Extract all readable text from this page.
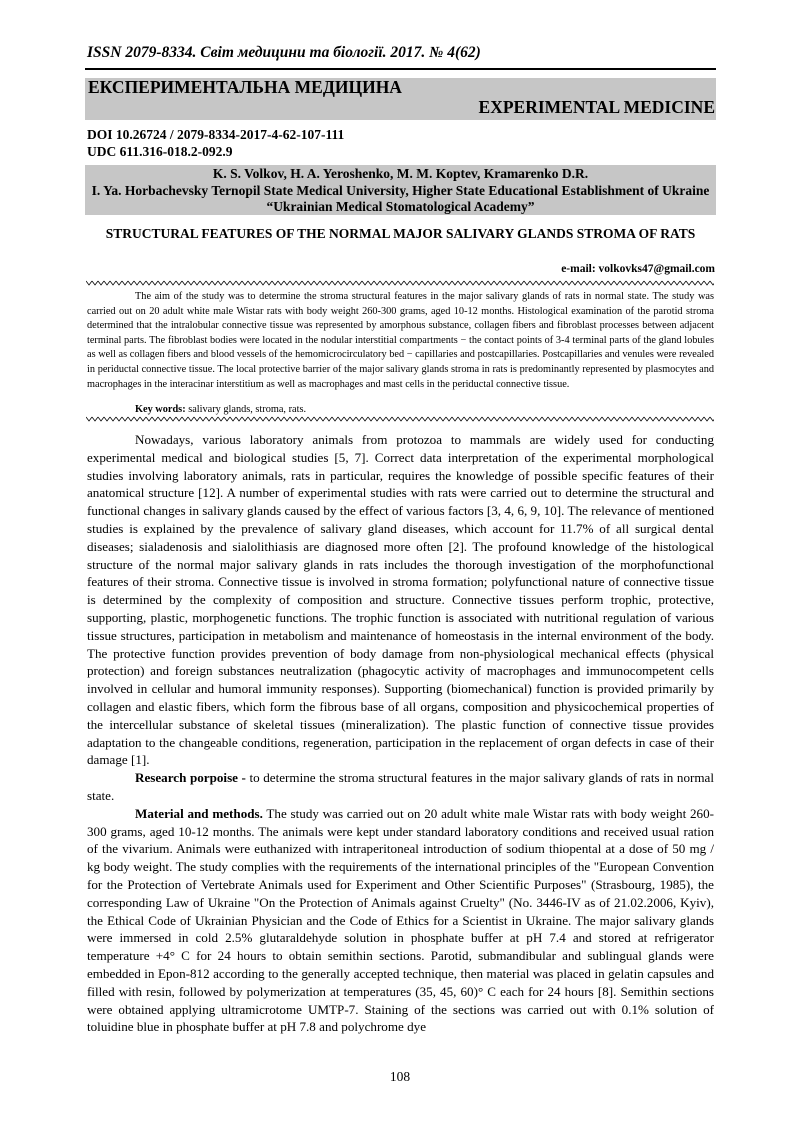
ISSN 2079-8334. Світ медицини та біології. 2017. № 4(62)
ЕКСПЕРИМЕНТАЛЬНА МЕДИЦИНА
EXPERIMENTAL MEDICINE
DOI 10.26724 / 2079-8334-2017-4-62-107-111
UDC 611.316-018.2-092.9
K. S. Volkov, H. A. Yeroshenko, M. M. Koptev, Kramarenko D.R.
I. Ya. Horbachevsky Ternopil State Medical University, Higher State Educational Establishment of Ukraine “Ukrainian Medical Stomatological Academy”
STRUCTURAL FEATURES OF THE NORMAL MAJOR SALIVARY GLANDS STROMA OF RATS
e-mail: volkovks47@gmail.com

The aim of the study was to determine the stroma structural features in the major salivary glands of rats in normal state. The study was carried out on 20 adult white male Wistar rats with body weight 260-300 grams, aged 10-12 months. Histological examination of the parotid stroma determined that the intralobular connective tissue was represented by amorphous substance, collagen fibers and fibroblast processes between adjacent terminal parts. The fibroblast bodies were located in the nodular interstitial compartments − the contact points of 3-4 terminal parts of the gland lobules as well as collagen fibers and blood vessels of the hemomicrocirculatory bed − capillaries and postcapillaries. Postcapillaries and venules were revealed in periductal connective tissue. The local protective barrier of the major salivary glands stroma in rats is predominantly represented by plasmocytes and macrophages in the interacinar interstitium as well as macrophages and mast cells in the periductal connective tissue.

Key words: salivary glands, stroma, rats.

Nowadays, various laboratory animals from protozoa to mammals are widely used for conducting experimental medical and biological studies [5, 7]. Correct data interpretation of the experimental morphological studies involving laboratory animals, rats in particular, requires the knowledge of possible specific features of their anatomical structure [12]. A number of experimental studies with rats were carried out to determine the structural and functional changes in salivary glands caused by the effect of various factors [3, 4, 6, 9, 10]. The relevance of mentioned studies is explained by the prevalence of salivary gland diseases, which account for 11.7% of all surgical dental diseases; sialadenosis and sialolithiasis are diagnosed more often [2]. The profound knowledge of the histological structure of the normal major salivary glands in rats includes the thorough investigation of the morphofunctional features of their stroma. Connective tissue is involved in stroma formation; polyfunctional nature of connective tissue is determined by the complexity of composition and structure. Connective tissues perform trophic, protective, supporting, plastic, morphogenetic functions. The trophic function is associated with nutritional regulation of various tissue structures, participation in metabolism and maintenance of homeostasis in the internal environment of the body. The protective function provides prevention of body damage from non-physiological mechanical effects (physical protection) and foreign substances neutralization (phagocytic activity of macrophages and immunocompetent cells involved in cellular and humoral immunity responses). Supporting (biomechanical) function is provided primarily by collagen and elastic fibers, which form the fibrous base of all organs, composition and physicochemical properties of the intercellular substance of skeletal tissues (mineralization). The plastic function of connective tissue provides adaptation to the changeable conditions, regeneration, participation in the replacement of organ defects in case of their damage [1].

Research porpoise - to determine the stroma structural features in the major salivary glands of rats in normal state.

Material and methods. The study was carried out on 20 adult white male Wistar rats with body weight 260-300 grams, aged 10-12 months. The animals were kept under standard laboratory conditions and received usual ration of the vivarium. Animals were euthanized with intraperitoneal introduction of sodium thiopental at a dose of 50 mg / kg body weight. The study complies with the requirements of the international principles of the "European Convention for the Protection of Vertebrate Animals used for Experiment and Other Scientific Purposes" (Strasbourg, 1985), the corresponding Law of Ukraine "On the Protection of Animals against Cruelty" (No. 3446-IV as of 21.02.2006, Kyiv), the Ethical Code of Ukrainian Physician and the Code of Ethics for a Scientist in Ukraine. The major salivary glands were immersed in cold 2.5% glutaraldehyde solution in phosphate buffer at pH 7.4 and stored at refrigerator temperature +4° C for 24 hours to obtain semithin sections. Parotid, submandibular and sublingual glands were embedded in Epon-812 according to the generally accepted technique, then material was placed in gelatin capsules and filled with resin, followed by polymerization at temperatures (35, 45, 60)° C each for 24 hours [8]. Semithin sections were obtained applying ultramicrotome UMTP-7. Staining of the sections was carried out with 0.1% solution of toluidine blue in phosphate buffer at pH 7.8 and polychrome dye

108
